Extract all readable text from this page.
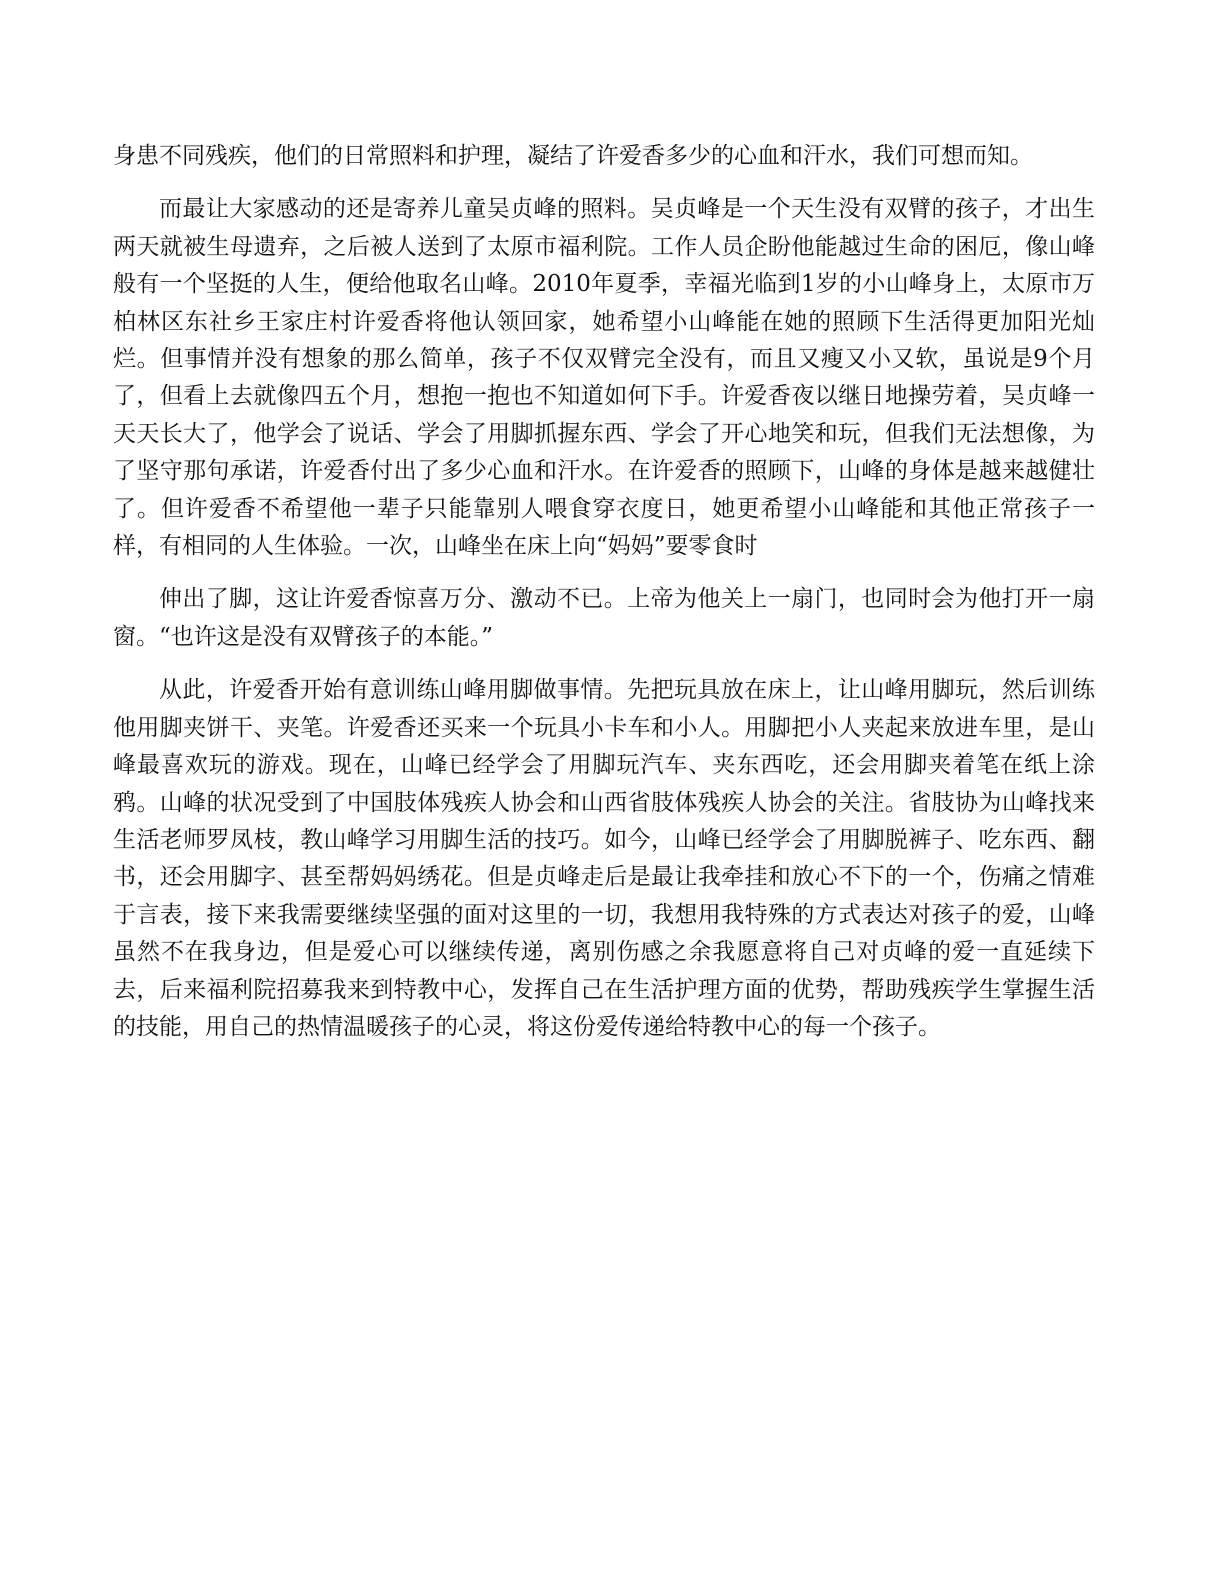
身患不同残疾，他们的日常照料和护理，凝结了许爱香多少的心血和汗水，我们可想而知。

而最让大家感动的还是寄养儿童吴贞峰的照料。吴贞峰是一个天生没有双臂的孩子，才出生两天就被生母遗弃，之后被人送到了太原市福利院。工作人员企盼他能越过生命的困厄，像山峰般有一个坚挺的人生，便给他取名山峰。2010年夏季，幸福光临到1岁的小山峰身上，太原市万柏林区东社乡王家庄村许爱香将他认领回家，她希望小山峰能在她的照顾下生活得更加阳光灿烂。但事情并没有想象的那么简单，孩子不仅双臂完全没有，而且又瘦又小又软，虽说是9个月了，但看上去就像四五个月，想抱一抱也不知道如何下手。许爱香夜以继日地操劳着，吴贞峰一天天长大了，他学会了说话、学会了用脚抓握东西、学会了开心地笑和玩，但我们无法想像，为了坚守那句承诺，许爱香付出了多少心血和汗水。在许爱香的照顾下，山峰的身体是越来越健壮了。但许爱香不希望他一辈子只能靠别人喂食穿衣度日，她更希望小山峰能和其他正常孩子一样，有相同的人生体验。一次，山峰坐在床上向“妈妈”要零食时

伸出了脚，这让许爱香惊喜万分、激动不已。上帝为他关上一扇门，也同时会为他打开一扇窗。“也许这是没有双臂孩子的本能。”

从此，许爱香开始有意训练山峰用脚做事情。先把玩具放在床上，让山峰用脚玩，然后训练他用脚夹饼干、夹笔。许爱香还买来一个玩具小卡车和小人。用脚把小人夹起来放进车里，是山峰最喜欢玩的游戏。现在，山峰已经学会了用脚玩汽车、夹东西吃，还会用脚夹着笔在纸上涂鸦。山峰的状况受到了中国肢体残疾人协会和山西省肢体残疾人协会的关注。省肢协为山峰找来生活老师罗凤枝，教山峰学习用脚生活的技巧。如今，山峰已经学会了用脚脱裤子、吃东西、翻书，还会用脚字、甚至帮妈妈绣花。但是贞峰走后是最让我牵挂和放心不下的一个，伤痛之情难于言表，接下来我需要继续坚强的面对这里的一切，我想用我特殊的方式表达对孩子的爱，山峰虽然不在我身边，但是爱心可以继续传递，离别伤感之余我愿意将自己对贞峰的爱一直延续下去，后来福利院招募我来到特教中心，发挥自己在生活护理方面的优势，帮助残疾学生掌握生活的技能，用自己的热情温暖孩子的心灵，将这份爱传递给特教中心的每一个孩子。
